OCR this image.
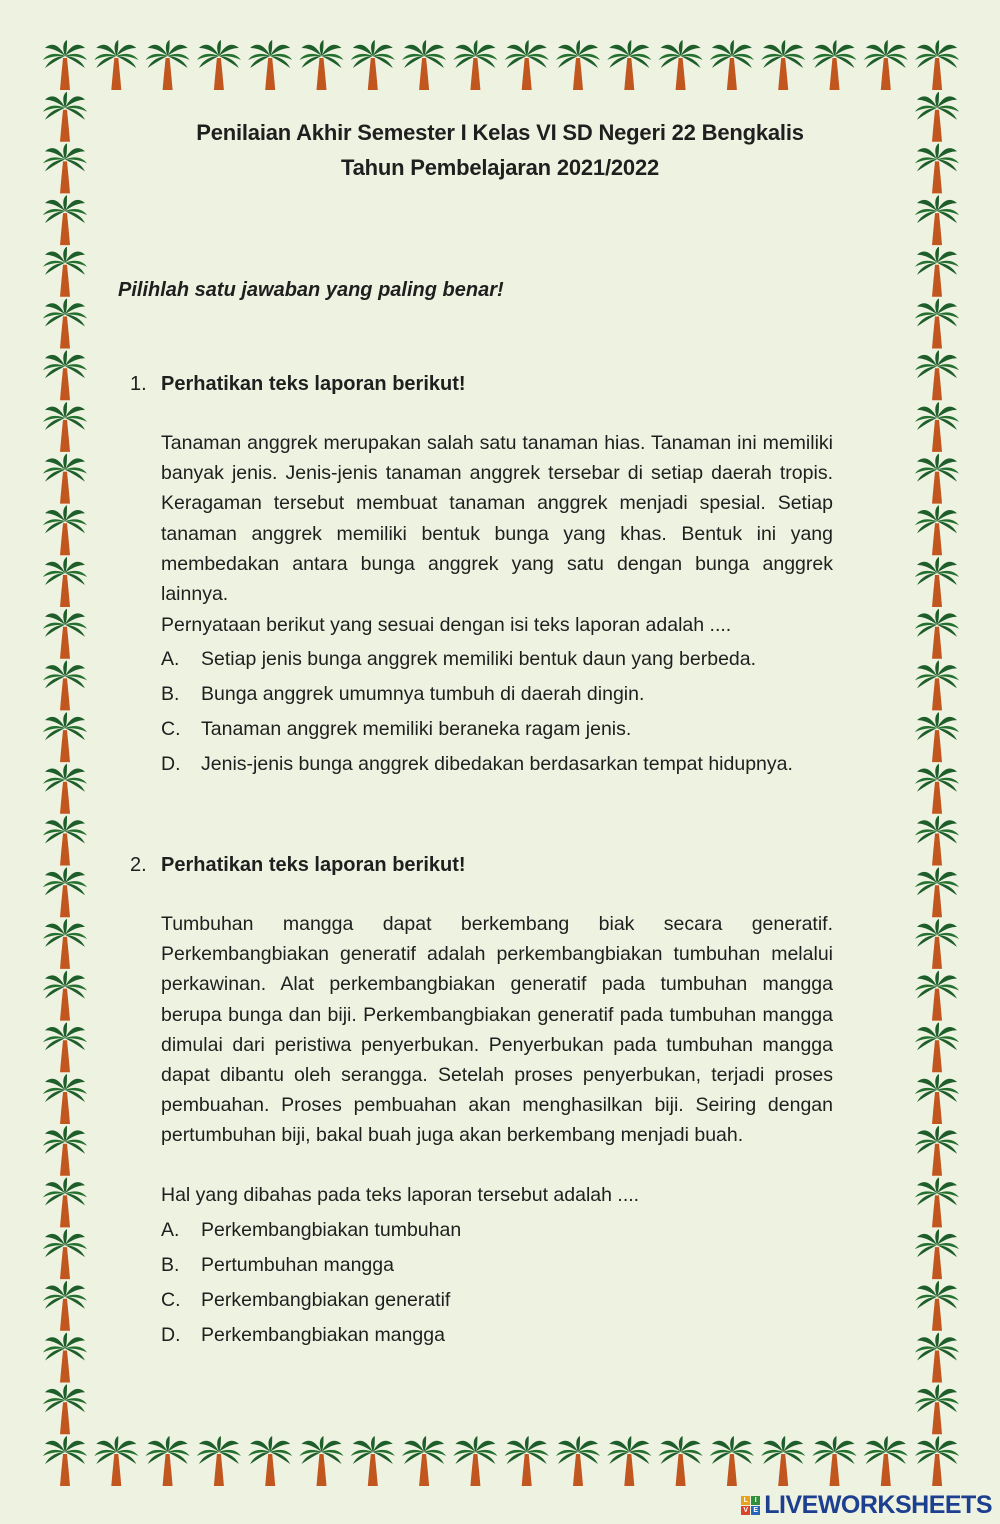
Penilaian Akhir Semester I Kelas VI SD Negeri 22 Bengkalis
Tahun Pembelajaran 2021/2022
Pilihlah satu jawaban yang paling benar!
1. Perhatikan teks laporan berikut!

Tanaman anggrek merupakan salah satu tanaman hias. Tanaman ini memiliki banyak jenis. Jenis-jenis tanaman anggrek tersebar di setiap daerah tropis. Keragaman tersebut membuat tanaman anggrek menjadi spesial. Setiap tanaman anggrek memiliki bentuk bunga yang khas. Bentuk ini yang membedakan antara bunga anggrek yang satu dengan bunga anggrek lainnya.

Pernyataan berikut yang sesuai dengan isi teks laporan adalah ....
A. Setiap jenis bunga anggrek memiliki bentuk daun yang berbeda.
B. Bunga anggrek umumnya tumbuh di daerah dingin.
C. Tanaman anggrek memiliki beraneka ragam jenis.
D. Jenis-jenis bunga anggrek dibedakan berdasarkan tempat hidupnya.
2. Perhatikan teks laporan berikut!

Tumbuhan mangga dapat berkembang biak secara generatif. Perkembangbiakan generatif adalah perkembangbiakan tumbuhan melalui perkawinan. Alat perkembangbiakan generatif pada tumbuhan mangga berupa bunga dan biji. Perkembangbiakan generatif pada tumbuhan mangga dimulai dari peristiwa penyerbukan. Penyerbukan pada tumbuhan mangga dapat dibantu oleh serangga. Setelah proses penyerbukan, terjadi proses pembuahan. Proses pembuahan akan menghasilkan biji. Seiring dengan pertumbuhan biji, bakal buah juga akan berkembang menjadi buah.

Hal yang dibahas pada teks laporan tersebut adalah ....
A. Perkembangbiakan tumbuhan
B. Pertumbuhan mangga
C. Perkembangbiakan generatif
D. Perkembangbiakan mangga
L I
V E LIVEWORKSHEETS
